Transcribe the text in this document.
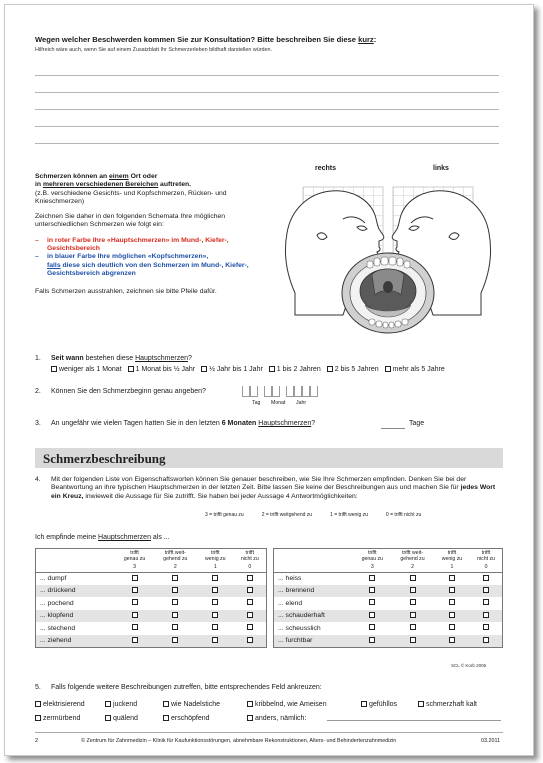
Wegen welcher Beschwerden kommen Sie zur Konsultation? Bitte beschreiben Sie diese kurz:
Hilfreich wäre auch, wenn Sie auf einem Zusatzblatt Ihr Schmerzerleben bildhaft darstellen würden.

Schmerzen können an einem Ort oder
in mehreren verschiedenen Bereichen auftreten.
(z.B. verschiedene Gesichts- und Kopfschmerzen, Rücken- und Knieschmerzen)

Zeichnen Sie daher in den folgenden Schemata Ihre möglichen unterschiedlichen Schmerzen wie folgt ein:

– in roter Farbe Ihre «Hauptschmerzen» im Mund-, Kiefer-, Gesichtsbereich

– in blauer Farbe Ihre möglichen «Kopfschmerzen»,
falls diese sich deutlich von den Schmerzen im Mund-, Kiefer-, Gesichtsbereich abgrenzen

Falls Schmerzen ausstrahlen, zeichnen sie bitte Pfeile dafür.

rechts	links
1. Seit wann bestehen diese Hauptschmerzen?
weniger als 1 Monat 1 Monat bis ½ Jahr ½ Jahr bis 1 Jahr 1 bis 2 Jahren 2 bis 5 Jahren mehr als 5 Jahre
2. Können Sie den Schmerzbeginn genau angeben?
Tag Monat Jahr
3. An ungefähr wie vielen Tagen hatten Sie in den letzten 6 Monaten Hauptschmerzen?	Tage
Schmerzbeschreibung
4. Mit der folgenden Liste von Eigenschaftsworten können Sie genauer beschreiben, wie Sie Ihre Schmerzen empfinden. Denken Sie bei der Beantwortung an ihre typischen Hauptschmerzen in der letzten Zeit. Bitte lassen Sie keine der Beschreibungen aus und machen Sie für jedes Wort ein Kreuz, inwieweit die Aussage für Sie zutrifft. Sie haben bei jeder Aussage 4 Antwortmöglichkeiten:
3 = trifft genau zu	2 = trifft weitgehend zu	1 = trifft wenig zu	0 = trifft nicht zu
Ich empfinde meine Hauptschmerzen als ...
	trifft
genau zu	trifft weit-
gehend zu	trifft
wenig zu	trifft
nicht zu
	3	2	1	0
... dumpf				
... drückend				
... pochend				
... klopfend				
... stechend				
... ziehend				
	trifft
genau zu	trifft weit-
gehend zu	trifft
wenig zu	trifft
nicht zu
	3	2	1	0
... heiss				
... brennend				
... elend				
... schauderhaft				
... scheusslich				
... furchtbar				
SCL © Korb 2006
5. Falls folgende weitere Beschreibungen zutreffen, bitte entsprechendes Feld ankreuzen:
elektrisierend	juckend	wie Nadelstiche	kribbelnd, wie Ameisen	gefühllos	schmerzhaft kalt
zermürbend	quälend	erschöpfend	anders, nämlich:
2	© Zentrum für Zahnmedizin – Klinik für Kaufunktionsstörungen, abnehmbare Rekonstruktionen, Alters- und Behindertenzahnmedizin	03.2011
